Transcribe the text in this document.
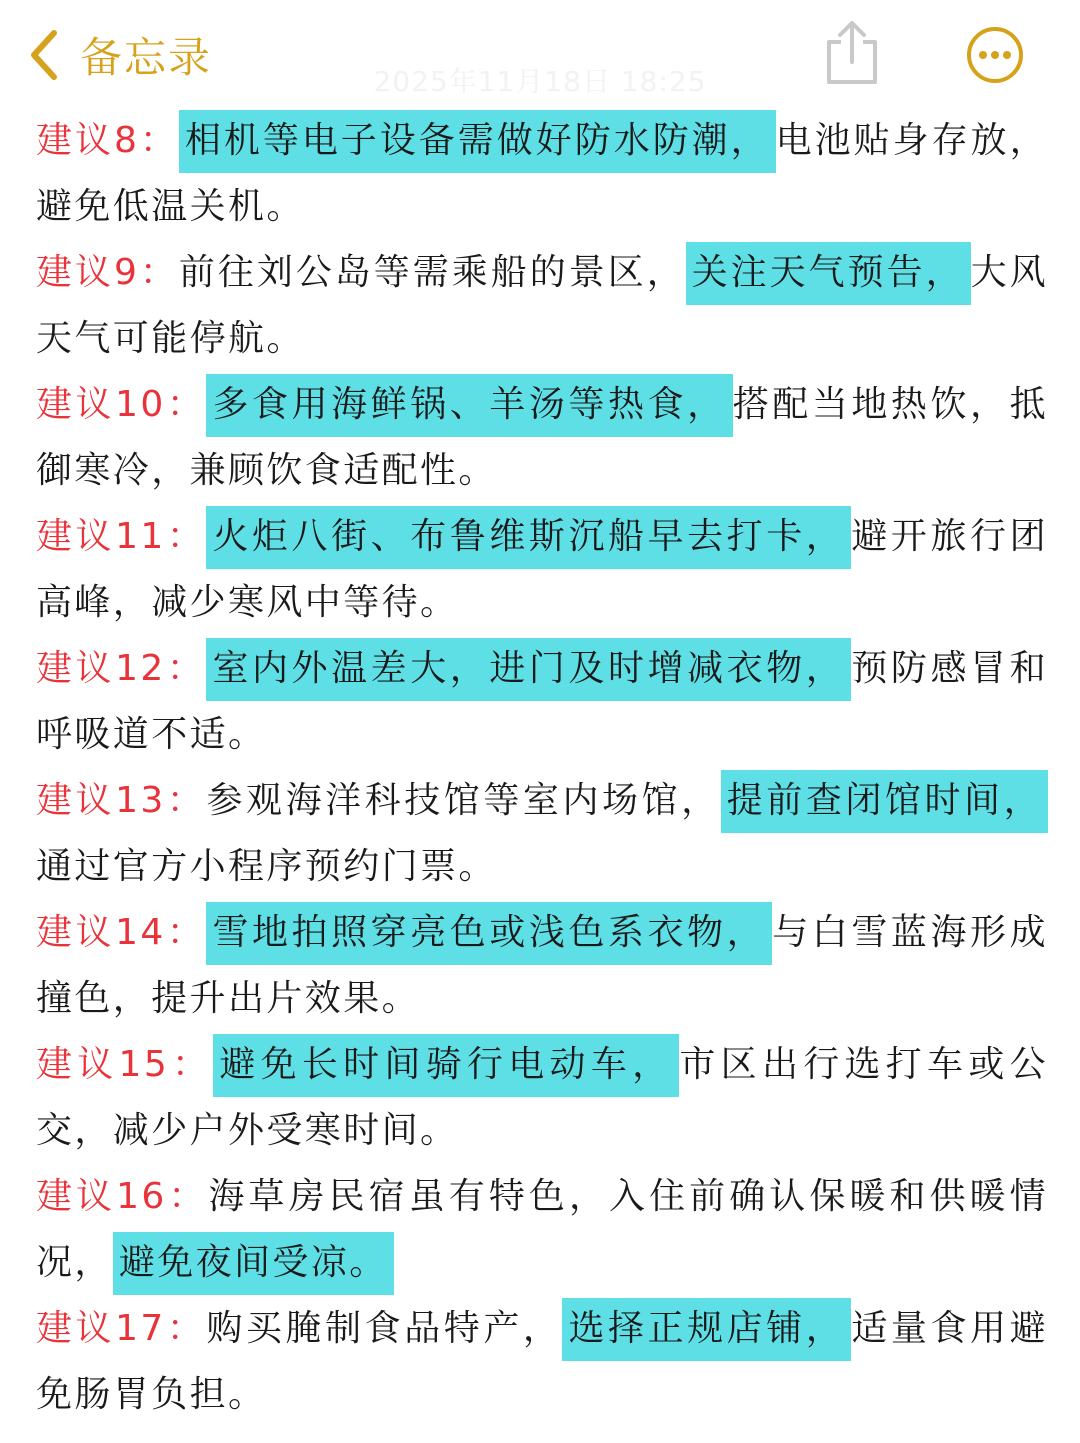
备忘录	2025年11月18日 18:25

建议8： 相机等电子设备需做好防水防潮， 电池贴身存放，避免低温关机。

建议9：前往刘公岛等需乘船的景区， 关注天气预告， 大风天气可能停航。

建议10： 多食用海鲜锅、羊汤等热食， 搭配当地热饮，抵御寒冷，兼顾饮食适配性。

建议11： 火炬八街、布鲁维斯沉船早去打卡， 避开旅行团高峰，减少寒风中等待。

建议12： 室内外温差大，进门及时增减衣物， 预防感冒和呼吸道不适。

建议13：参观海洋科技馆等室内场馆， 提前查闭馆时间，通过官方小程序预约门票。

建议14： 雪地拍照穿亮色或浅色系衣物， 与白雪蓝海形成撞色，提升出片效果。

建议15： 避免长时间骑行电动车， 市区出行选打车或公交，减少户外受寒时间。

建议16：海草房民宿虽有特色，入住前确认保暖和供暖情况， 避免夜间受凉。

建议17：购买腌制食品特产， 选择正规店铺， 适量食用避免肠胃负担。
